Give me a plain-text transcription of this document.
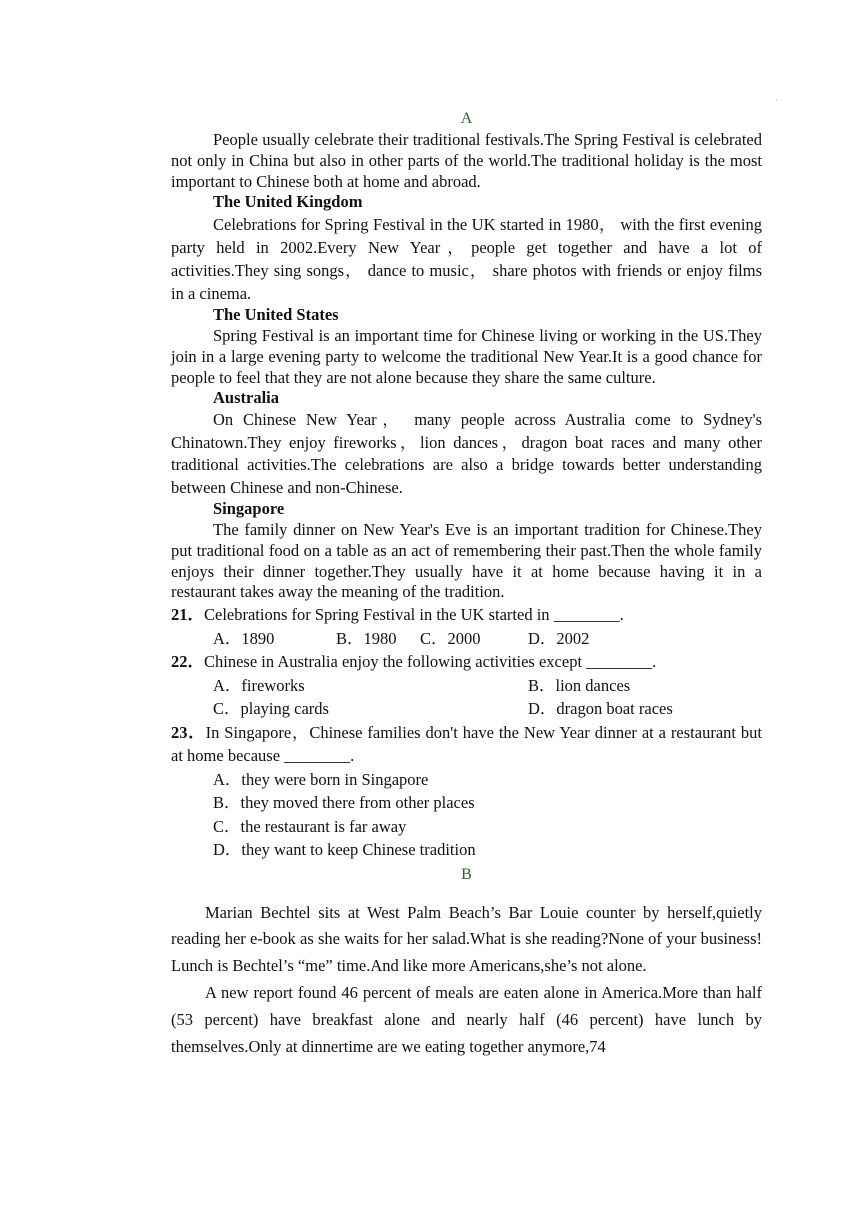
·
A

People usually celebrate their traditional festivals.The Spring Festival is celebrated not only in China but also in other parts of the world.The traditional holiday is the most important to Chinese both at home and abroad.

The United Kingdom

Celebrations for Spring Festival in the UK started in 1980， with the first evening party held in 2002.Every New Year，people get together and have a lot of activities.They sing songs， dance to music， share photos with friends or enjoy films in a cinema.

The United States

Spring Festival is an important time for Chinese living or working in the US.They join in a large evening party to welcome the traditional New Year.It is a good chance for people to feel that they are not alone because they share the same culture.

Australia

On Chinese New Year， many people across Australia come to Sydney's Chinatown.They enjoy fireworks，lion dances，dragon boat races and many other traditional activities.The celebrations are also a bridge towards better understanding between Chinese and non-Chinese.

Singapore

The family dinner on New Year's Eve is an important tradition for Chinese.They put traditional food on a table as an act of remembering their past.Then the whole family enjoys their dinner together.They usually have it at home because having it in a restaurant takes away the meaning of the tradition.

21．Celebrations for Spring Festival in the UK started in ________.
A．1890	B．1980	C．2000	D．2002
22．Chinese in Australia enjoy the following activities except ________.
A．fireworks	B．lion dances
C．playing cards	D．dragon boat races
23．In Singapore，Chinese families don't have the New Year dinner at a restaurant but at home because ________.
A．they were born in Singapore
B．they moved there from other places
C．the restaurant is far away
D．they want to keep Chinese tradition
B

Marian Bechtel sits at West Palm Beach’s Bar Louie counter by herself,quietly reading her e-book as she waits for her salad.What is she reading?None of your business! Lunch is Bechtel’s “me” time.And like more Americans,she’s not alone.

A new report found 46 percent of meals are eaten alone in America.More than half (53 percent) have breakfast alone and nearly half (46 percent) have lunch by themselves.Only at dinnertime are we eating together anymore,74
